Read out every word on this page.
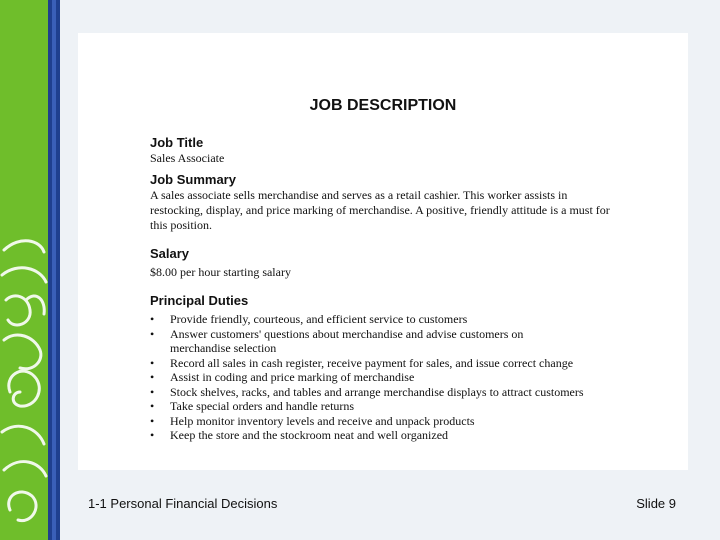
JOB DESCRIPTION
Job Title
Sales Associate
Job Summary
A sales associate sells merchandise and serves as a retail cashier. This worker assists in restocking, display, and price marking of merchandise. A positive, friendly attitude is a must for this position.
Salary
$8.00 per hour starting salary
Principal Duties
• Provide friendly, courteous, and efficient service to customers
• Answer customers' questions about merchandise and advise customers on merchandise selection
• Record all sales in cash register, receive payment for sales, and issue correct change
• Assist in coding and price marking of merchandise
• Stock shelves, racks, and tables and arrange merchandise displays to attract customers
• Take special orders and handle returns
• Help monitor inventory levels and receive and unpack products
• Keep the store and the stockroom neat and well organized
1-1 Personal Financial Decisions	Slide 9
